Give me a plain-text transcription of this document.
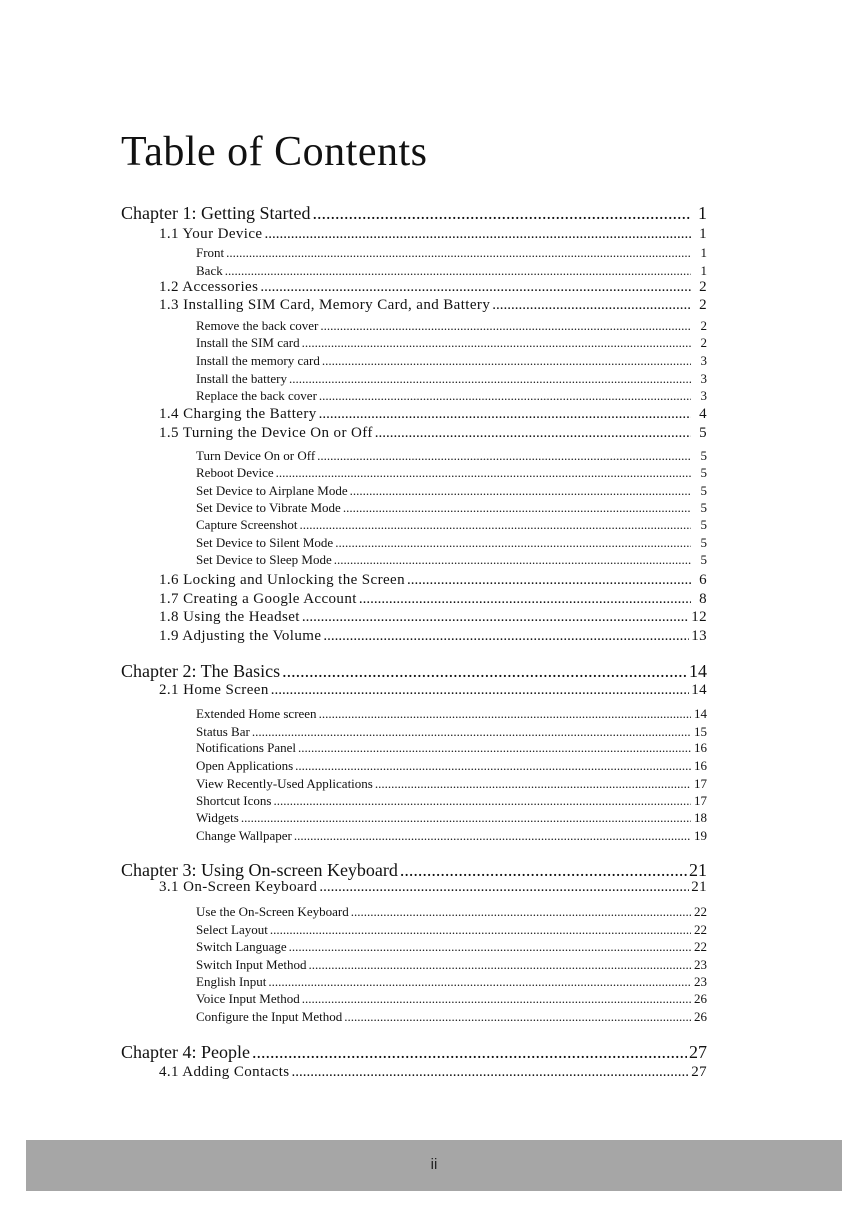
Table of Contents
Chapter 1: Getting Started .....	1
1.1 Your Device .....	1
Front .....	1
Back .....	1
1.2 Accessories .....	2
1.3 Installing SIM Card, Memory Card, and Battery .....	2
Remove the back cover .....	2
Install the SIM card .....	2
Install the memory card .....	3
Install the battery .....	3
Replace the back cover .....	3
1.4 Charging the Battery .....	4
1.5 Turning the Device On or Off .....	5
Turn Device On or Off .....	5
Reboot Device .....	5
Set Device to Airplane Mode .....	5
Set Device to Vibrate Mode .....	5
Capture Screenshot .....	5
Set Device to Silent Mode .....	5
Set Device to Sleep Mode .....	5
1.6 Locking and Unlocking the Screen .....	6
1.7 Creating a Google Account .....	8
1.8 Using the Headset .....	12
1.9 Adjusting the Volume .....	13
Chapter 2: The Basics .....	14
2.1 Home Screen .....	14
Extended Home screen .....	14
Status Bar .....	15
Notifications Panel .....	16
Open Applications .....	16
View Recently-Used Applications .....	17
Shortcut Icons .....	17
Widgets .....	18
Change Wallpaper .....	19
Chapter 3: Using On-screen Keyboard .....	21
3.1 On-Screen Keyboard .....	21
Use the On-Screen Keyboard .....	22
Select Layout .....	22
Switch Language .....	22
Switch Input Method .....	23
English Input .....	23
Voice Input Method .....	26
Configure the Input Method .....	26
Chapter 4: People .....	27
4.1 Adding Contacts .....	27
ii
